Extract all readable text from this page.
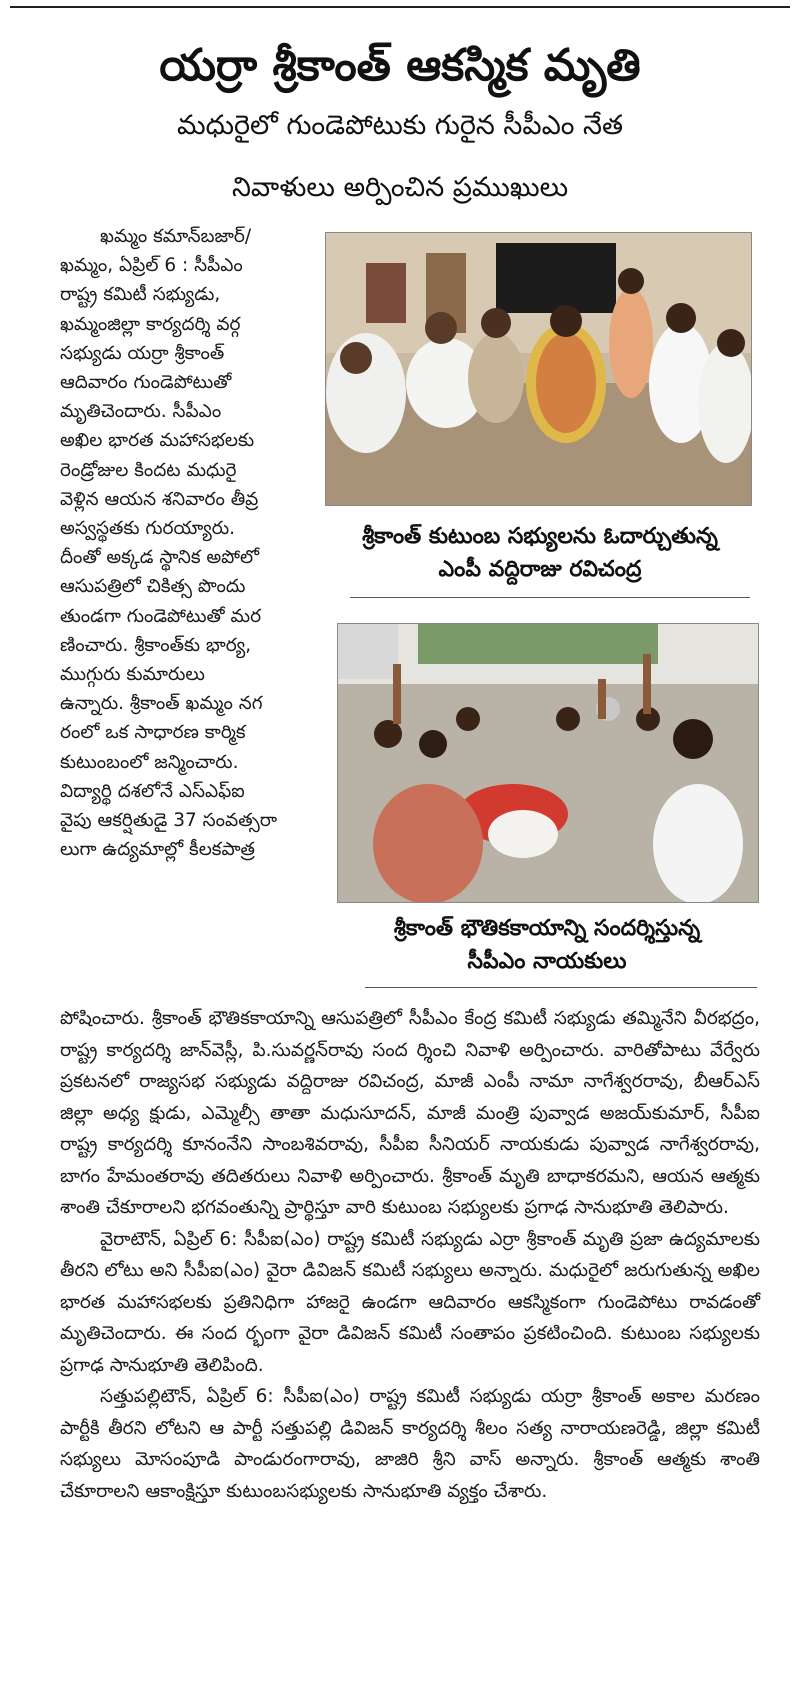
యర్రా శ్రీకాంత్ ఆకస్మిక మృతి
మధురైలో గుండెపోటుకు గురైన సీపీఎం నేత
నివాళులు అర్పించిన ప్రముఖులు

ఖమ్మం కమాన్‌బజార్/

ఖమ్మం, ఏప్రిల్ 6 : సీపీఎం

రాష్ట్ర కమిటీ సభ్యుడు,

ఖమ్మంజిల్లా కార్యదర్శి వర్గ

సభ్యుడు యర్రా శ్రీకాంత్

ఆదివారం గుండెపోటుతో

మృతిచెందారు. సీపీఎం

అఖిల భారత మహాసభలకు

రెండ్రోజుల కిందట మధురై

వెళ్లిన ఆయన శనివారం తీవ్ర

అస్వస్థతకు గురయ్యారు.

దీంతో అక్కడ స్థానిక అపోలో

ఆసుపత్రిలో చికిత్స పొందు

తుండగా గుండెపోటుతో మర

ణించారు. శ్రీకాంత్‌కు భార్య,

ముగ్గురు కుమారులు

ఉన్నారు. శ్రీకాంత్ ఖమ్మం నగ

రంలో ఒక సాధారణ కార్మిక

కుటుంబంలో జన్మించారు.

విద్యార్థి దశలోనే ఎస్ఎఫ్ఐ

వైపు ఆకర్షితుడై 37 సంవత్సరా

లుగా ఉద్యమాల్లో కీలకపాత్ర

శ్రీకాంత్ కుటుంబ సభ్యులను ఓదార్చుతున్న
ఎంపీ వద్దిరాజు రవిచంద్ర
శ్రీకాంత్ భౌతికకాయాన్ని సందర్శిస్తున్న
సీపీఎం నాయకులు

పోషించారు. శ్రీకాంత్ భౌతికకాయాన్ని ఆసుపత్రిలో సీపీఎం కేంద్ర కమిటీ సభ్యుడు తమ్మినేని వీరభద్రం, రాష్ట్ర కార్యదర్శి జాన్‌వెస్లీ, పి.సువర్ణన్‌రావు సంద ర్శించి నివాళి అర్పించారు. వారితోపాటు వేర్వేరు ప్రకటనలో రాజ్యసభ సభ్యుడు వద్దిరాజు రవిచంద్ర, మాజీ ఎంపీ నామా నాగేశ్వరరావు, బీఆర్ఎస్ జిల్లా అధ్య క్షుడు, ఎమ్మెల్సీ తాతా మధుసూదన్, మాజీ మంత్రి పువ్వాడ అజయ్‌కుమార్, సీపీఐ రాష్ట్ర కార్యదర్శి కూనంనేని సాంబశివరావు, సీపీఐ సీనియర్ నాయకుడు పువ్వాడ నాగేశ్వరరావు, బాగం హేమంతరావు తదితరులు నివాళి అర్పించారు. శ్రీకాంత్ మృతి బాధాకరమని, ఆయన ఆత్మకు శాంతి చేకూరాలని భగవంతున్ని ప్రార్థిస్తూ వారి కుటుంబ సభ్యులకు ప్రగాఢ సానుభూతి తెలిపారు.

వైరాటౌన్, ఏప్రిల్ 6: సీపీఐ(ఎం) రాష్ట్ర కమిటీ సభ్యుడు ఎర్రా శ్రీకాంత్ మృతి ప్రజా ఉద్యమాలకు తీరని లోటు అని సీపీఐ(ఎం) వైరా డివిజన్ కమిటీ సభ్యులు అన్నారు. మధురైలో జరుగుతున్న అఖిల భారత మహాసభలకు ప్రతినిధిగా హాజరై ఉండగా ఆదివారం ఆకస్మికంగా గుండెపోటు రావడంతో మృతిచెందారు. ఈ సంద ర్భంగా వైరా డివిజన్ కమిటీ సంతాపం ప్రకటించింది. కుటుంబ సభ్యులకు ప్రగాఢ సానుభూతి తెలిపింది.

సత్తుపల్లిటౌన్, ఏప్రిల్ 6: సీపీఐ(ఎం) రాష్ట్ర కమిటీ సభ్యుడు యర్రా శ్రీకాంత్ అకాల మరణం పార్టీకి తీరని లోటని ఆ పార్టీ సత్తుపల్లి డివిజన్ కార్యదర్శి శీలం సత్య నారాయణరెడ్డి, జిల్లా కమిటీ సభ్యులు మోసంపూడి పాండురంగారావు, జాజిరి శ్రీని వాస్ అన్నారు. శ్రీకాంత్ ఆత్మకు శాంతి చేకూరాలని ఆకాంక్షిస్తూ కుటుంబసభ్యులకు సానుభూతి వ్యక్తం చేశారు.
